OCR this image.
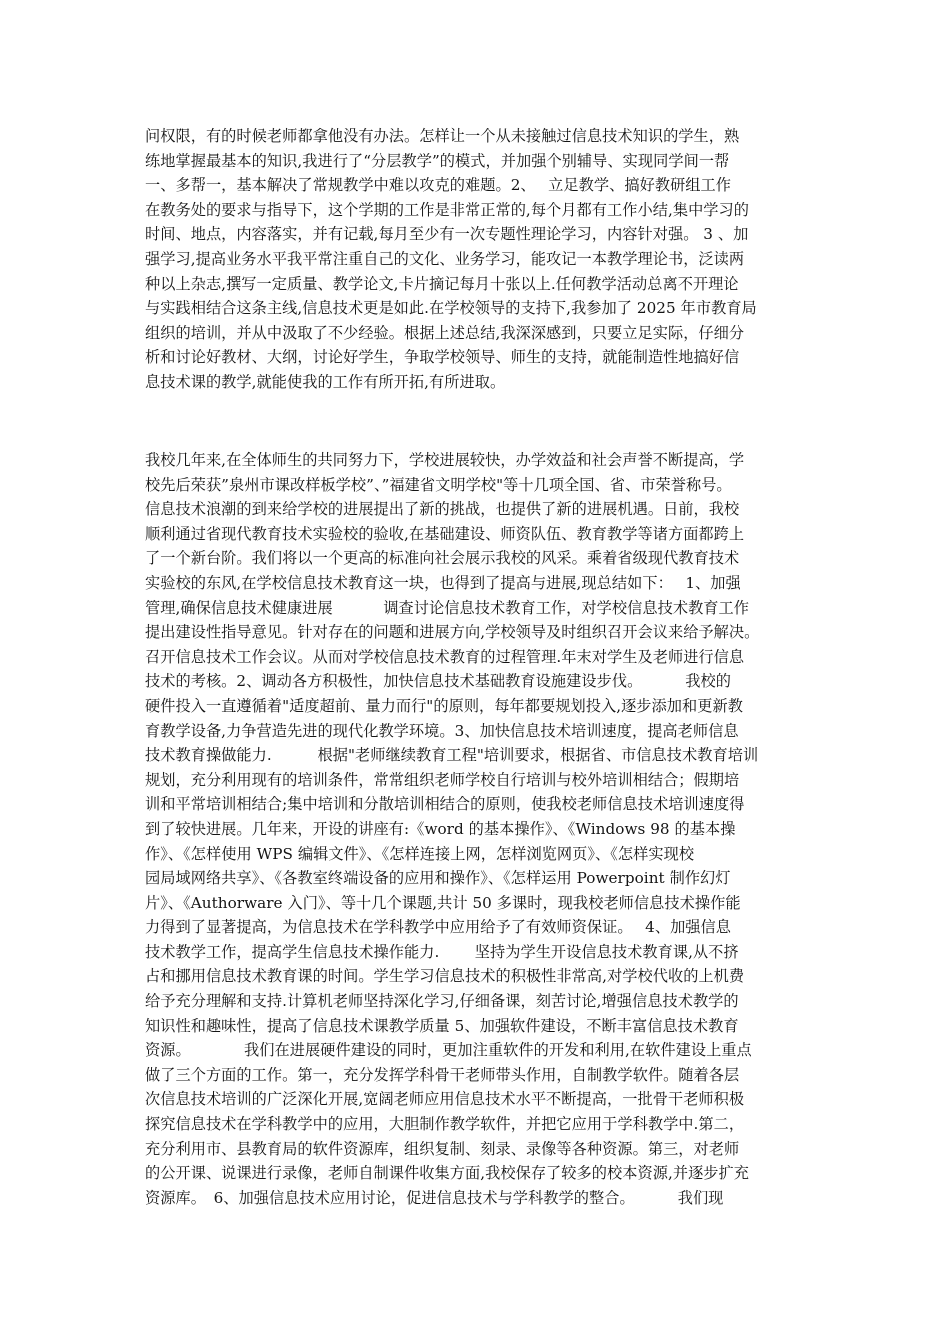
问权限，有的时候老师都拿他没有办法。怎样让一个从未接触过信息技术知识的学生，熟
练地掌握最基本的知识,我进行了“分层教学”的模式，并加强个别辅导、实现同学间一帮
一、多帮一，基本解决了常规教学中难以攻克的难题。2、　 立足教学、搞好教研组工作
在教务处的要求与指导下，这个学期的工作是非常正常的,每个月都有工作小结,集中学习的
时间、地点，内容落实，并有记载,每月至少有一次专题性理论学习，内容针对强。 3 、加
强学习,提高业务水平我平常注重自己的文化、业务学习，能攻记一本教学理论书，泛读两
种以上杂志,撰写一定质量、教学论文,卡片摘记每月十张以上.任何教学活动总离不开理论
与实践相结合这条主线,信息技术更是如此.在学校领导的支持下,我参加了 2025 年市教育局
组织的培训，并从中汲取了不少经验。根据上述总结,我深深感到，只要立足实际，仔细分
析和讨论好教材、大纲，讨论好学生，争取学校领导、师生的支持，就能制造性地搞好信
息技术课的教学,就能使我的工作有所开拓,有所进取。
我校几年来,在全体师生的共同努力下，学校进展较快，办学效益和社会声誉不断提高，学
校先后荣获”泉州市课改样板学校”、”福建省文明学校"等十几项全国、省、市荣誉称号。
信息技术浪潮的到来给学校的进展提出了新的挑战，也提供了新的进展机遇。日前，我校
顺利通过省现代教育技术实验校的验收,在基础建设、师资队伍、教育教学等诸方面都跨上
了一个新台阶。我们将以一个更高的标准向社会展示我校的风采。乘着省级现代教育技术
实验校的东风,在学校信息技术教育这一块，也得到了提高与进展,现总结如下：　 1、加强
管理,确保信息技术健康进展　　　 调查讨论信息技术教育工作，对学校信息技术教育工作
提出建设性指导意见。针对存在的问题和进展方向,学校领导及时组织召开会议来给予解决。
召开信息技术工作会议。从而对学校信息技术教育的过程管理.年末对学生及老师进行信息
技术的考核。2、调动各方积极性，加快信息技术基础教育设施建设步伐。　　　 我校的
硬件投入一直遵循着"适度超前、量力而行"的原则，每年都要规划投入,逐步添加和更新教
育教学设备,力争营造先进的现代化教学环境。3、加快信息技术培训速度，提高老师信息
技术教育操做能力.　　　根据"老师继续教育工程"培训要求，根据省、市信息技术教育培训
规划，充分利用现有的培训条件，常常组织老师学校自行培训与校外培训相结合；假期培
训和平常培训相结合;集中培训和分散培训相结合的原则，使我校老师信息技术培训速度得
到了较快进展。几年来，开设的讲座有:《word 的基本操作》、《Windows 98 的基本操
作》、《怎样使用 WPS 编辑文件》、《怎样连接上网，怎样浏览网页》、《怎样实现校
园局域网络共享》、《各教室终端设备的应用和操作》、《怎样运用 Powerpoint 制作幻灯
片》、《Authorware 入门》、等十几个课题,共计 50 多课时，现我校老师信息技术操作能
力得到了显著提高，为信息技术在学科教学中应用给予了有效师资保证。　 4、加强信息
技术教学工作，提高学生信息技术操作能力.　　 坚持为学生开设信息技术教育课,从不挤
占和挪用信息技术教育课的时间。学生学习信息技术的积极性非常高,对学校代收的上机费
给予充分理解和支持.计算机老师坚持深化学习,仔细备课，刻苦讨论,增强信息技术教学的
知识性和趣味性，提高了信息技术课教学质量 5、加强软件建设，不断丰富信息技术教育
资源。　　　　我们在进展硬件建设的同时，更加注重软件的开发和利用,在软件建设上重点
做了三个方面的工作。第一，充分发挥学科骨干老师带头作用，自制教学软件。随着各层
次信息技术培训的广泛深化开展,宽阔老师应用信息技术水平不断提高，一批骨干老师积极
探究信息技术在学科教学中的应用，大胆制作教学软件，并把它应用于学科教学中.第二，
充分利用市、县教育局的软件资源库，组织复制、刻录、录像等各种资源。第三，对老师
的公开课、说课进行录像，老师自制课件收集方面,我校保存了较多的校本资源,并逐步扩充
资源库。　6、加强信息技术应用讨论，促进信息技术与学科教学的整合。　　　 我们现
